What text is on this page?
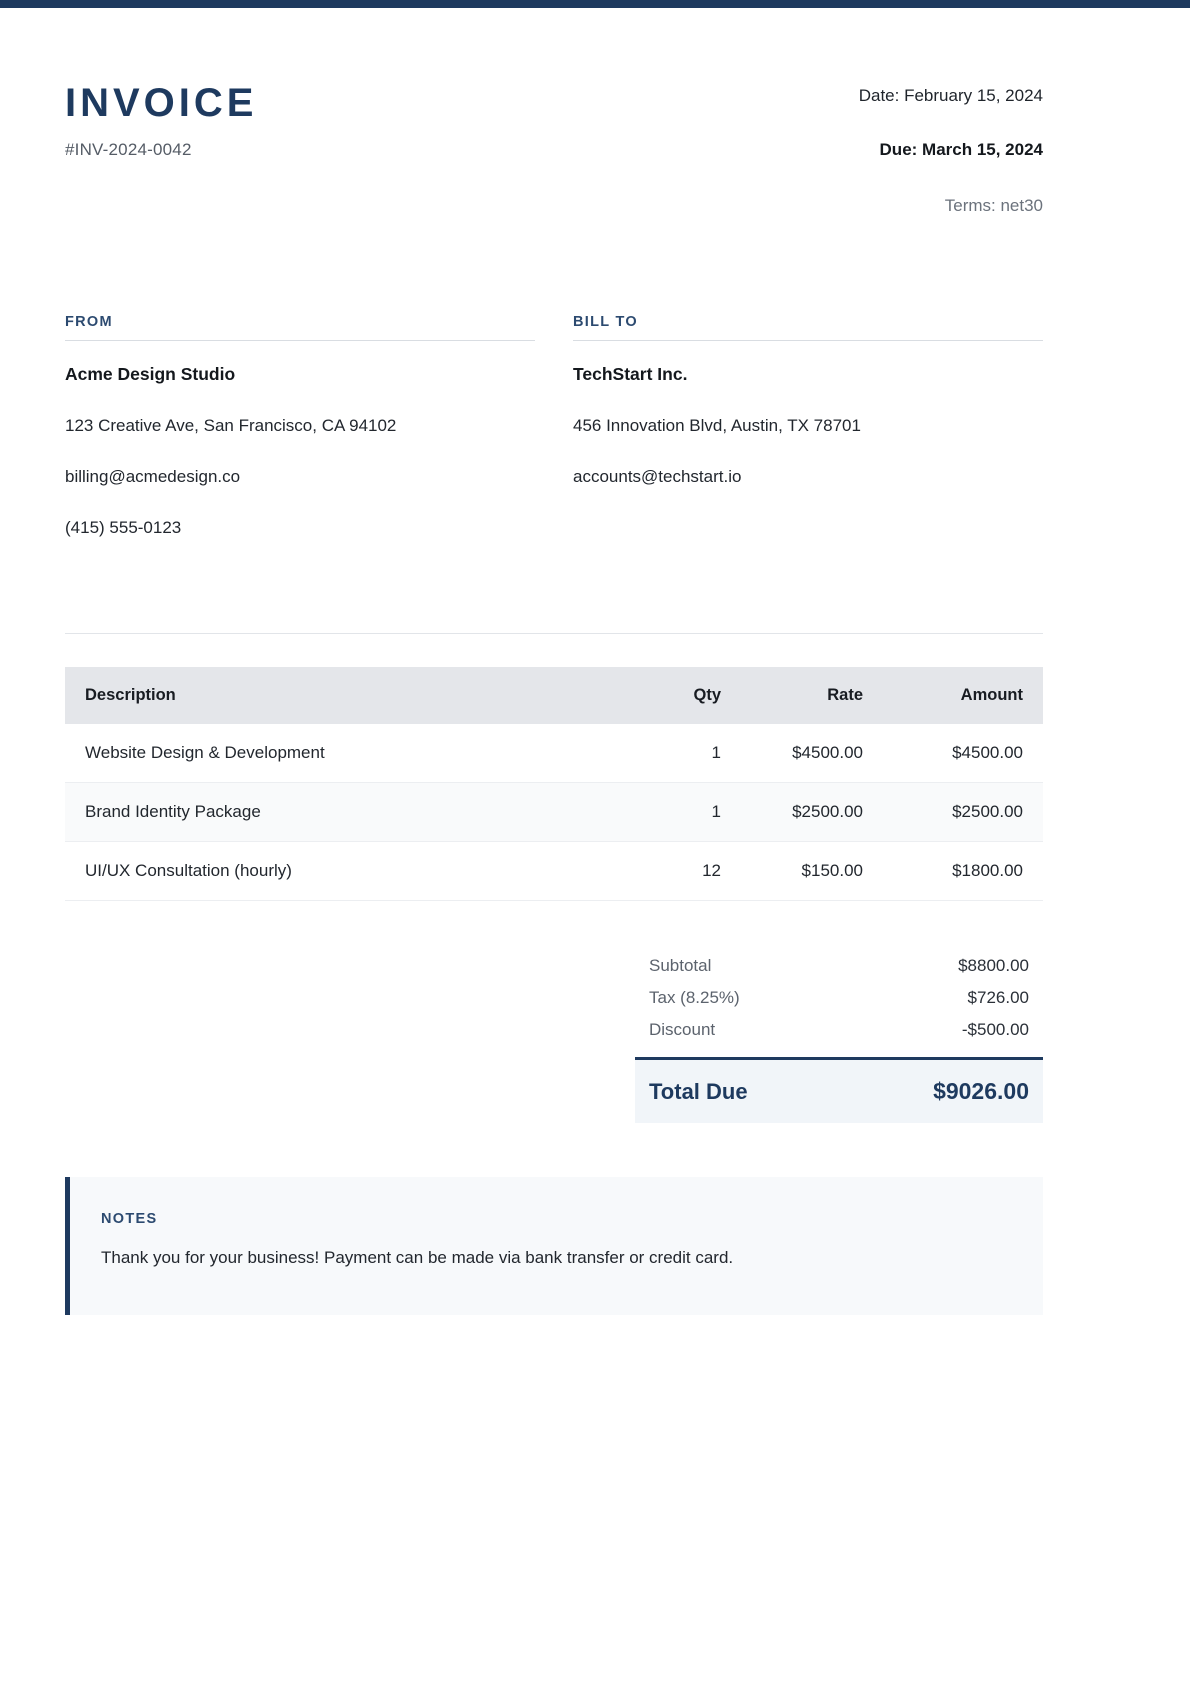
INVOICE
#INV-2024-0042
Date: February 15, 2024
Due: March 15, 2024
Terms: net30
FROM
Acme Design Studio
123 Creative Ave, San Francisco, CA 94102
billing@acmedesign.co
(415) 555-0123
BILL TO
TechStart Inc.
456 Innovation Blvd, Austin, TX 78701
accounts@techstart.io
Description	Qty	Rate	Amount
Website Design & Development	1	$4500.00	$4500.00
Brand Identity Package	1	$2500.00	$2500.00
UI/UX Consultation (hourly)	12	$150.00	$1800.00
Subtotal	$8800.00
Tax (8.25%)	$726.00
Discount	-$500.00
Total Due	$9026.00
NOTES
Thank you for your business! Payment can be made via bank transfer or credit card.
